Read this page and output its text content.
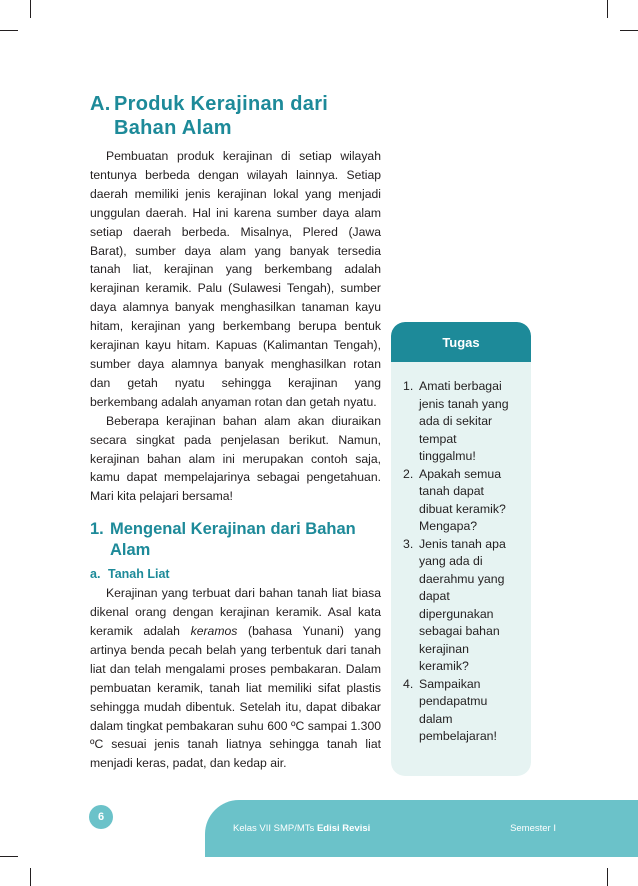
A. Produk Kerajinan dari Bahan Alam

Pembuatan produk kerajinan di setiap wilayah tentunya berbeda dengan wilayah lainnya. Setiap daerah memiliki jenis kerajinan lokal yang menjadi unggulan daerah. Hal ini karena sumber daya alam setiap daerah berbeda. Misalnya, Plered (Jawa Barat), sumber daya alam yang banyak tersedia tanah liat, kerajinan yang berkembang adalah kerajinan keramik. Palu (Sulawesi Tengah), sumber daya alamnya banyak menghasilkan tanaman kayu hitam, kerajinan yang berkembang berupa bentuk kerajinan kayu hitam. Kapuas (Kalimantan Tengah), sumber daya alamnya banyak menghasilkan rotan dan getah nyatu sehingga kerajinan yang berkembang adalah anyaman rotan dan getah nyatu.

Beberapa kerajinan bahan alam akan diuraikan secara singkat pada penjelasan berikut. Namun, kerajinan bahan alam ini merupakan contoh saja, kamu dapat mempelajarinya sebagai pengetahuan. Mari kita pelajari bersama!

1. Mengenal Kerajinan dari Bahan Alam
a. Tanah Liat

Kerajinan yang terbuat dari bahan tanah liat biasa dikenal orang dengan kerajinan keramik. Asal kata keramik adalah keramos (bahasa Yunani) yang artinya benda pecah belah yang terbentuk dari tanah liat dan telah mengalami proses pembakaran. Dalam pembuatan keramik, tanah liat memiliki sifat plastis sehingga mudah dibentuk. Setelah itu, dapat dibakar dalam tingkat pembakaran suhu 600 ºC sampai 1.300 ºC sesuai jenis tanah liatnya sehingga tanah liat menjadi keras, padat, dan kedap air.

Tugas
1. Amati berbagai jenis tanah yang ada di sekitar tempat tinggalmu!
2. Apakah semua tanah dapat dibuat keramik? Mengapa?
3. Jenis tanah apa yang ada di daerahmu yang dapat dipergunakan sebagai bahan kerajinan keramik?
4. Sampaikan pendapatmu dalam pembelajaran!
6
Kelas VII SMP/MTs Edisi Revisi	Semester I
